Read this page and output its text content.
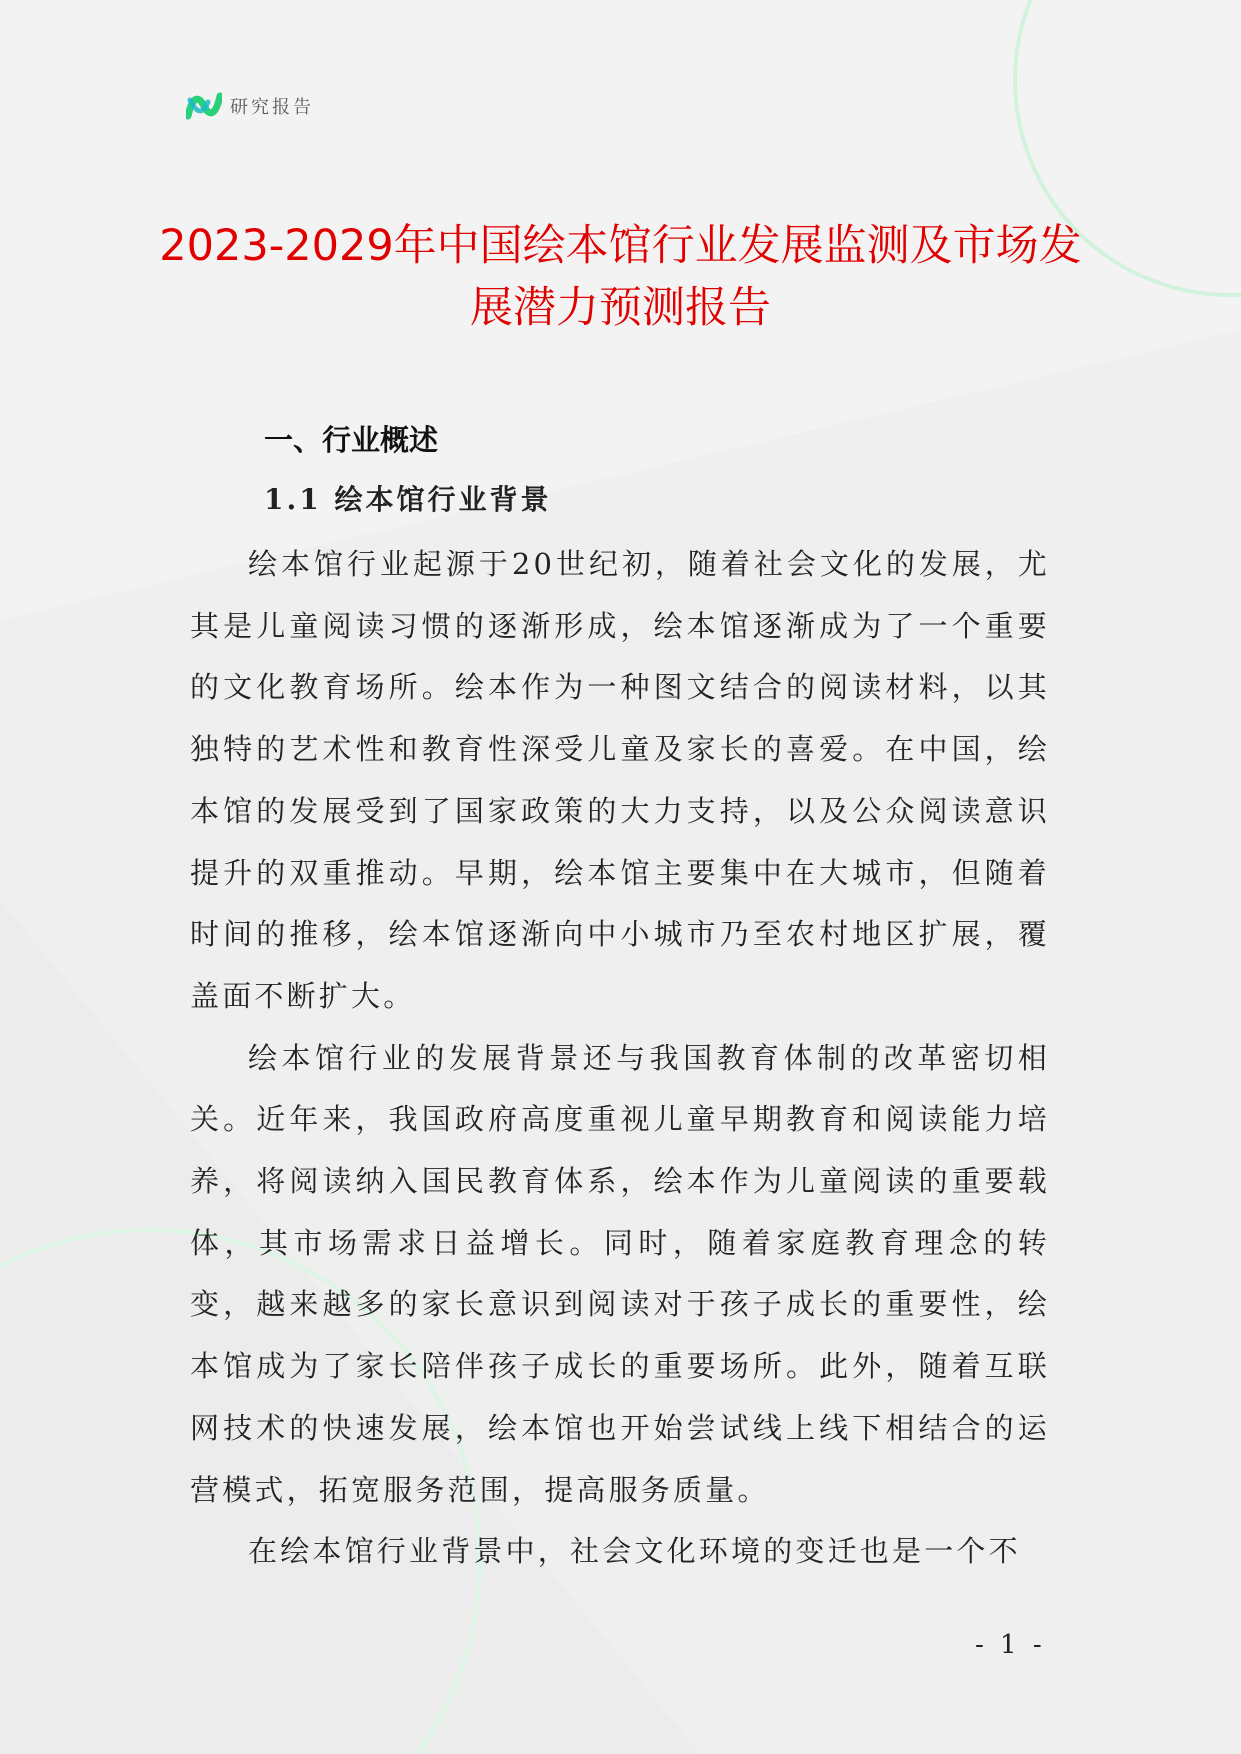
研究报告
2023-2029年中国绘本馆行业发展监测及市场发展潜力预测报告
一、行业概述
1.1 绘本馆行业背景

绘本馆行业起源于20世纪初，随着社会文化的发展，尤其是儿童阅读习惯的逐渐形成，绘本馆逐渐成为了一个重要的文化教育场所。绘本作为一种图文结合的阅读材料，以其独特的艺术性和教育性深受儿童及家长的喜爱。在中国，绘本馆的发展受到了国家政策的大力支持，以及公众阅读意识提升的双重推动。早期，绘本馆主要集中在大城市，但随着时间的推移，绘本馆逐渐向中小城市乃至农村地区扩展，覆盖面不断扩大。

绘本馆行业的发展背景还与我国教育体制的改革密切相关。近年来，我国政府高度重视儿童早期教育和阅读能力培养，将阅读纳入国民教育体系，绘本作为儿童阅读的重要载体，其市场需求日益增长。同时，随着家庭教育理念的转变，越来越多的家长意识到阅读对于孩子成长的重要性，绘本馆成为了家长陪伴孩子成长的重要场所。此外，随着互联网技术的快速发展，绘本馆也开始尝试线上线下相结合的运营模式，拓宽服务范围，提高服务质量。

在绘本馆行业背景中，社会文化环境的变迁也是一个不

- 1 -
